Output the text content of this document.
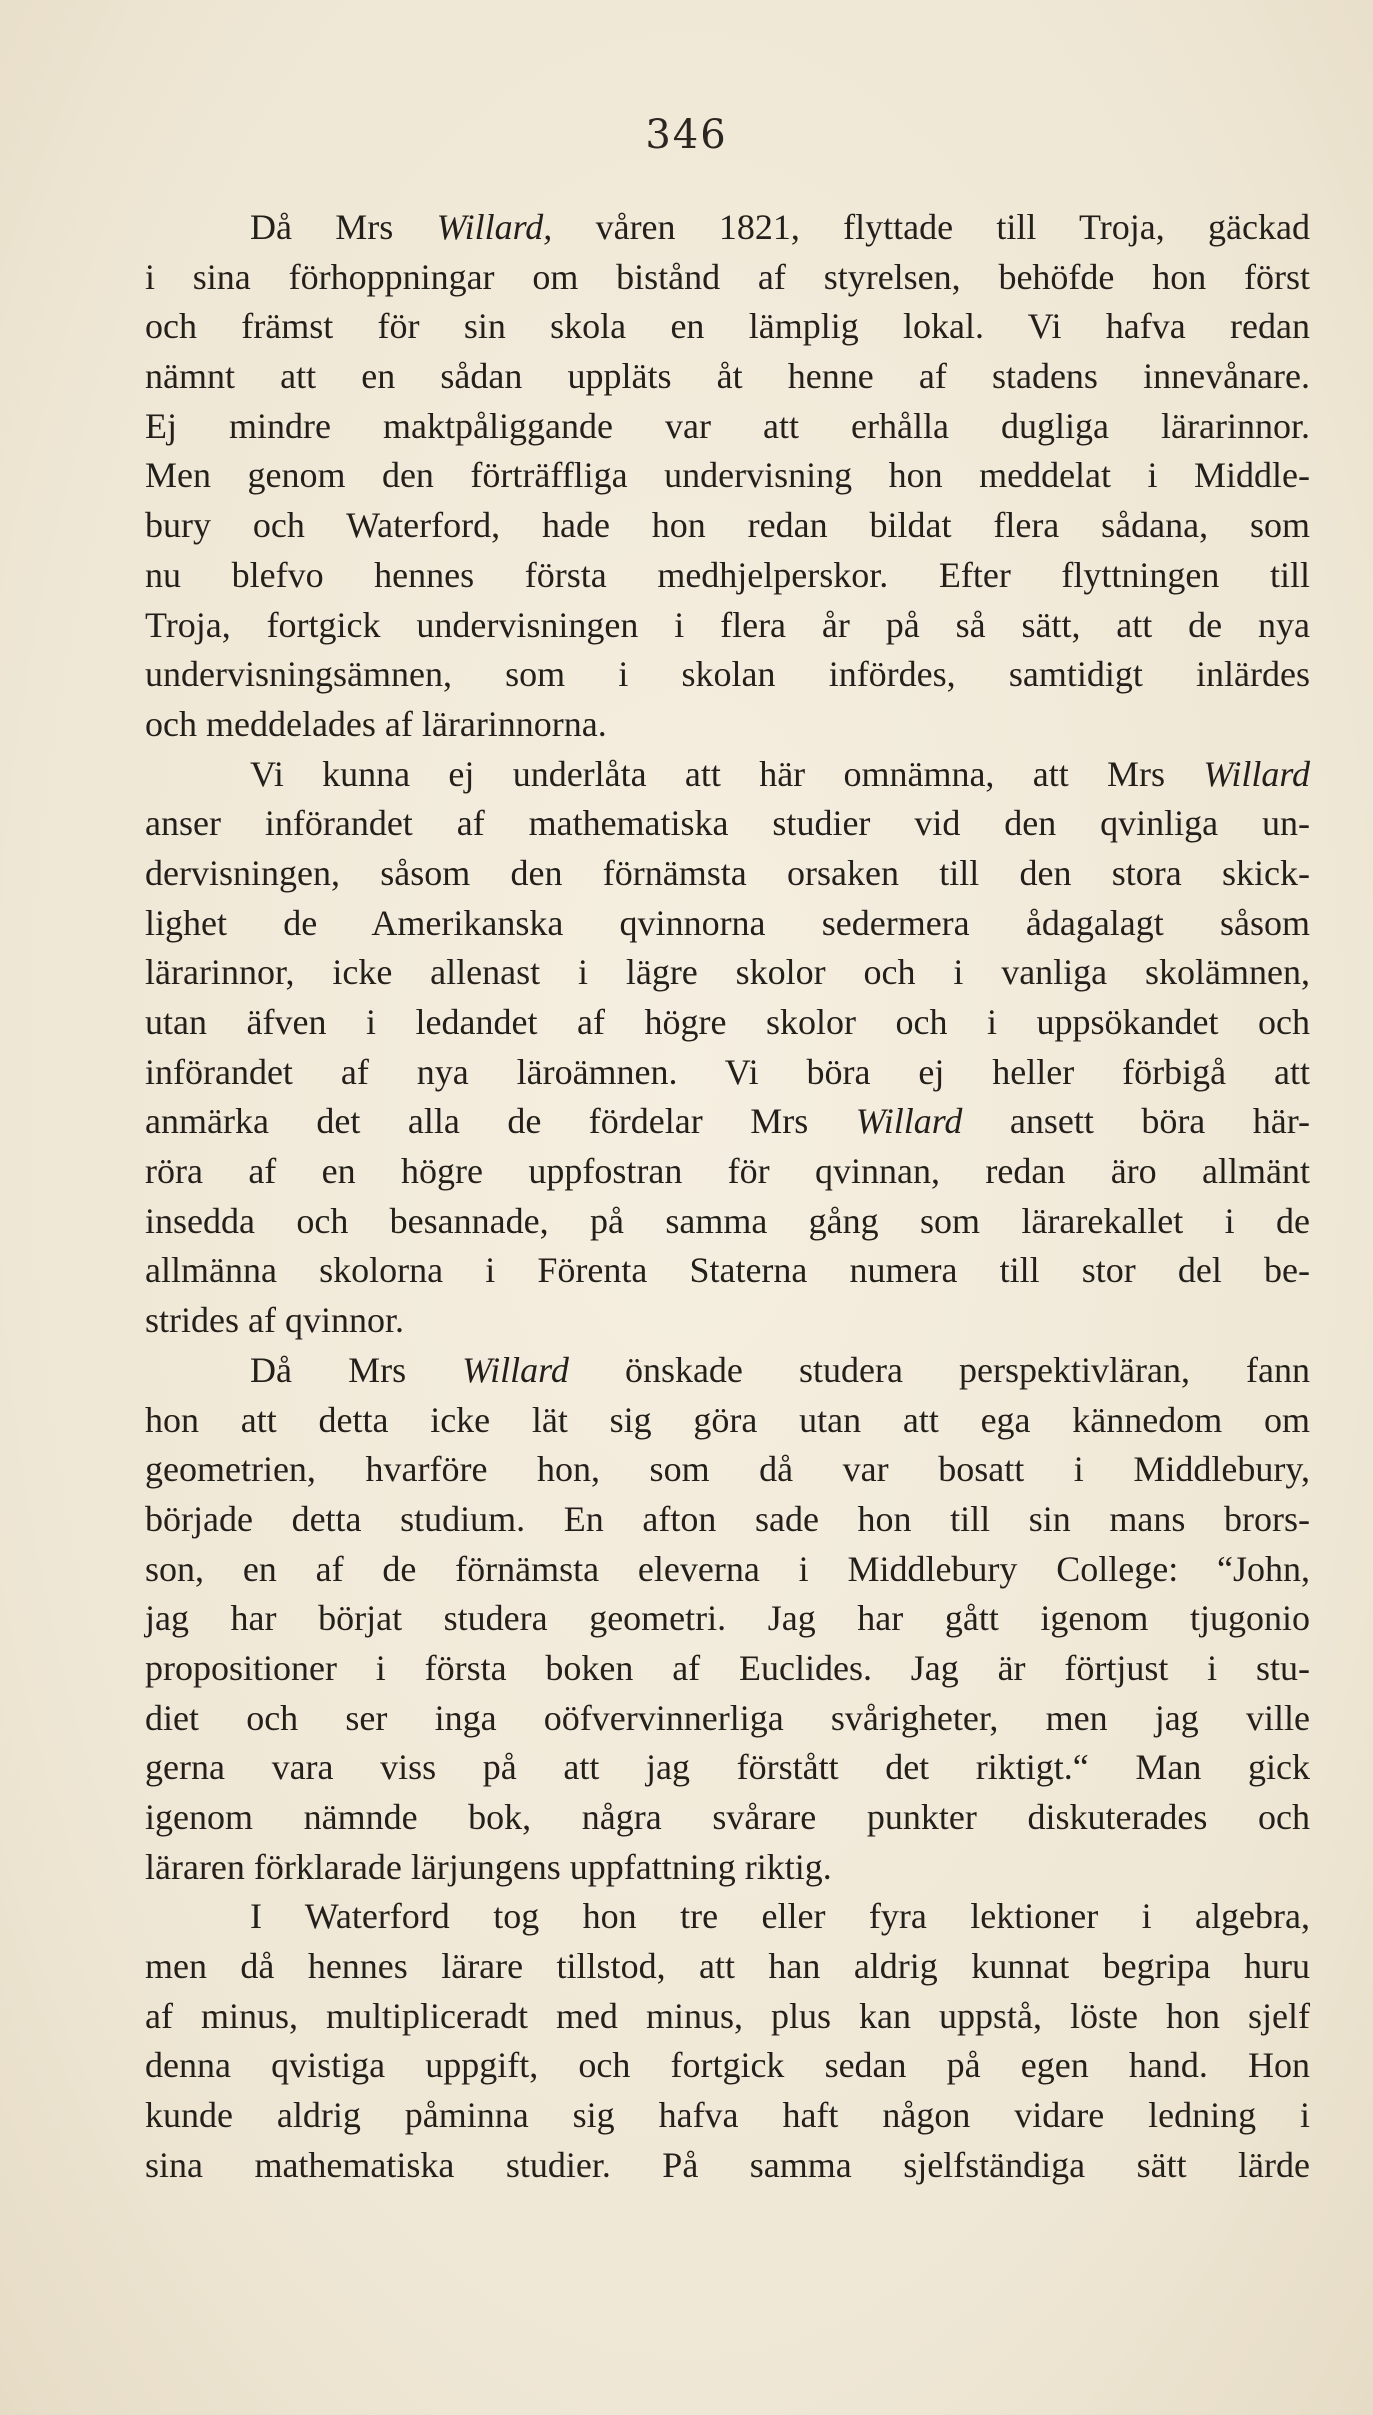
346
Då Mrs Willard, våren 1821, flyttade till Troja, gäckad
i sina förhoppningar om bistånd af styrelsen, behöfde hon först
och främst för sin skola en lämplig lokal. Vi hafva redan
nämnt att en sådan uppläts åt henne af stadens innevånare.
Ej mindre maktpåliggande var att erhålla dugliga lärarinnor.
Men genom den förträffliga undervisning hon meddelat i Middle-
bury och Waterford, hade hon redan bildat flera sådana, som
nu blefvo hennes första medhjelperskor. Efter flyttningen till
Troja, fortgick undervisningen i flera år på så sätt, att de nya
undervisningsämnen, som i skolan infördes, samtidigt inlärdes
och meddelades af lärarinnorna.
Vi kunna ej underlåta att här omnämna, att Mrs Willard
anser införandet af mathematiska studier vid den qvinliga un-
dervisningen, såsom den förnämsta orsaken till den stora skick-
lighet de Amerikanska qvinnorna sedermera ådagalagt såsom
lärarinnor, icke allenast i lägre skolor och i vanliga skolämnen,
utan äfven i ledandet af högre skolor och i uppsökandet och
införandet af nya läroämnen. Vi böra ej heller förbigå att
anmärka det alla de fördelar Mrs Willard ansett böra här-
röra af en högre uppfostran för qvinnan, redan äro allmänt
insedda och besannade, på samma gång som lärarekallet i de
allmänna skolorna i Förenta Staterna numera till stor del be-
strides af qvinnor.
Då Mrs Willard önskade studera perspektivläran, fann
hon att detta icke lät sig göra utan att ega kännedom om
geometrien, hvarföre hon, som då var bosatt i Middlebury,
började detta studium. En afton sade hon till sin mans brors-
son, en af de förnämsta eleverna i Middlebury College: “John,
jag har börjat studera geometri. Jag har gått igenom tjugonio
propositioner i första boken af Euclides. Jag är förtjust i stu-
diet och ser inga oöfvervinnerliga svårigheter, men jag ville
gerna vara viss på att jag förstått det riktigt.“ Man gick
igenom nämnde bok, några svårare punkter diskuterades och
läraren förklarade lärjungens uppfattning riktig.
I Waterford tog hon tre eller fyra lektioner i algebra,
men då hennes lärare tillstod, att han aldrig kunnat begripa huru
af minus, multipliceradt med minus, plus kan uppstå, löste hon sjelf
denna qvistiga uppgift, och fortgick sedan på egen hand. Hon
kunde aldrig påminna sig hafva haft någon vidare ledning i
sina mathematiska studier. På samma sjelfständiga sätt lärde
